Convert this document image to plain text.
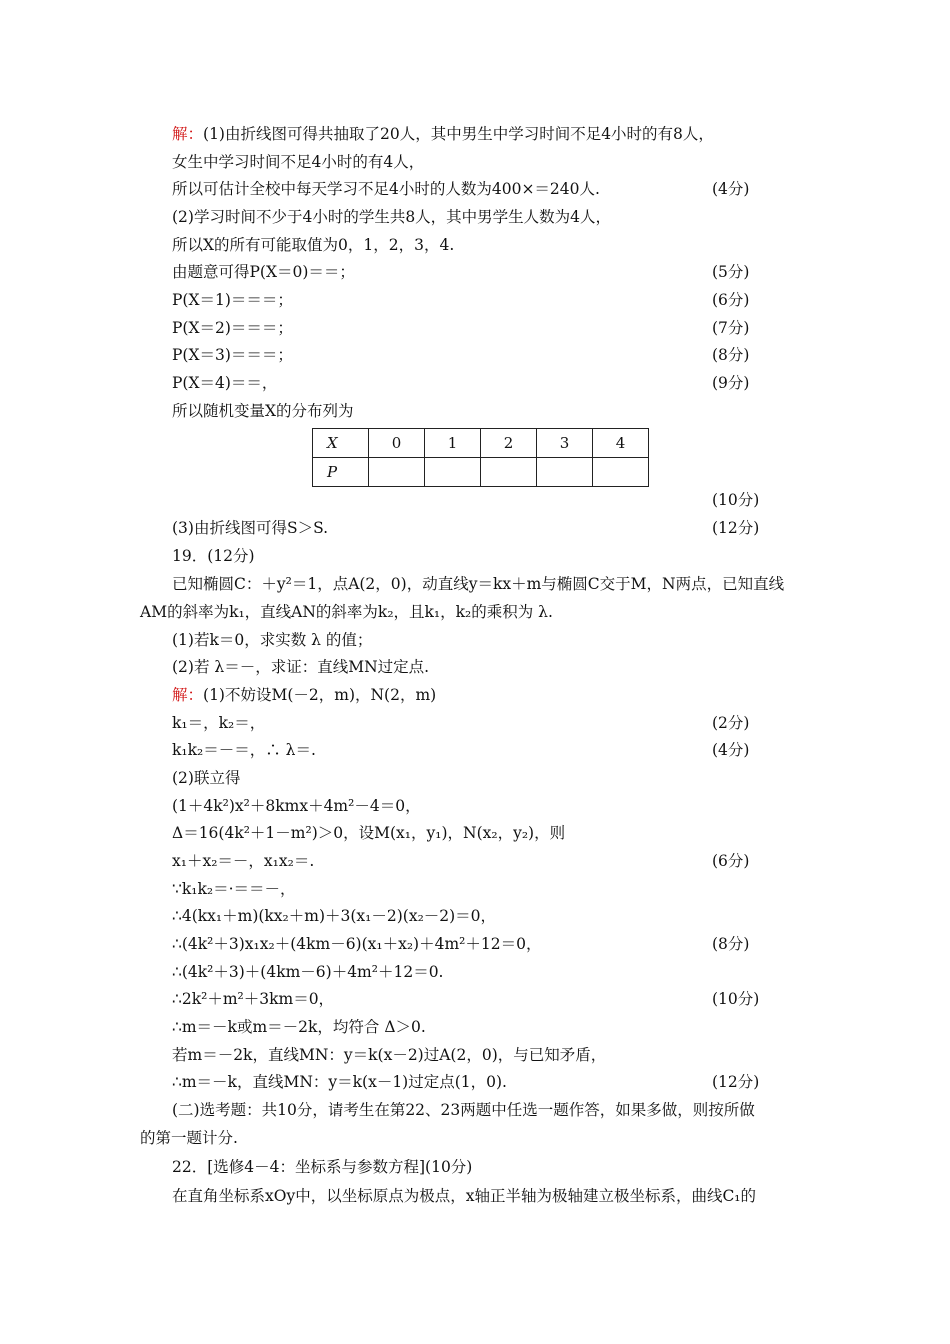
解：(1)由折线图可得共抽取了20人，其中男生中学习时间不足4小时的有8人，
女生中学习时间不足4小时的有4人，
所以可估计全校中每天学习不足4小时的人数为400×＝240人.	(4分)
(2)学习时间不少于4小时的学生共8人，其中男学生人数为4人，
所以X的所有可能取值为0，1，2，3，4.
由题意可得P(X＝0)＝＝；	(5分)
P(X＝1)＝＝＝；	(6分)
P(X＝2)＝＝＝；	(7分)
P(X＝3)＝＝＝；	(8分)
P(X＝4)＝＝，	(9分)
所以随机变量X的分布列为
X	0	1	2	3	4
P					
(10分)
(3)由折线图可得S＞S.	(12分)
19．(12分)
已知椭圆C：＋y²＝1，点A(2，0)，动直线y＝kx＋m与椭圆C交于M，N两点，已知直线
AM的斜率为k₁，直线AN的斜率为k₂，且k₁，k₂的乘积为 λ.
(1)若k＝0，求实数 λ 的值；
(2)若 λ＝－，求证：直线MN过定点.
解：(1)不妨设M(－2，m)，N(2，m)
k₁＝，k₂＝，	(2分)
k₁k₂＝－＝，∴ λ＝.	(4分)
(2)联立得
(1＋4k²)x²＋8kmx＋4m²－4＝0，
Δ＝16(4k²＋1－m²)＞0，设M(x₁，y₁)，N(x₂，y₂)，则
x₁＋x₂＝－，x₁x₂＝.	(6分)
∵k₁k₂＝·＝＝－，
∴4(kx₁＋m)(kx₂＋m)＋3(x₁－2)(x₂－2)＝0，
∴(4k²＋3)x₁x₂＋(4km－6)(x₁＋x₂)＋4m²＋12＝0，	(8分)
∴(4k²＋3)＋(4km－6)＋4m²＋12＝0.
∴2k²＋m²＋3km＝0，	(10分)
∴m＝－k或m＝－2k，均符合 Δ＞0.
若m＝－2k，直线MN：y＝k(x－2)过A(2，0)，与已知矛盾，
∴m＝－k，直线MN：y＝k(x－1)过定点(1，0).	(12分)
(二)选考题：共10分，请考生在第22、23两题中任选一题作答，如果多做，则按所做
的第一题计分.
22．[选修4－4：坐标系与参数方程](10分)
在直角坐标系xOy中，以坐标原点为极点，x轴正半轴为极轴建立极坐标系，曲线C₁的
